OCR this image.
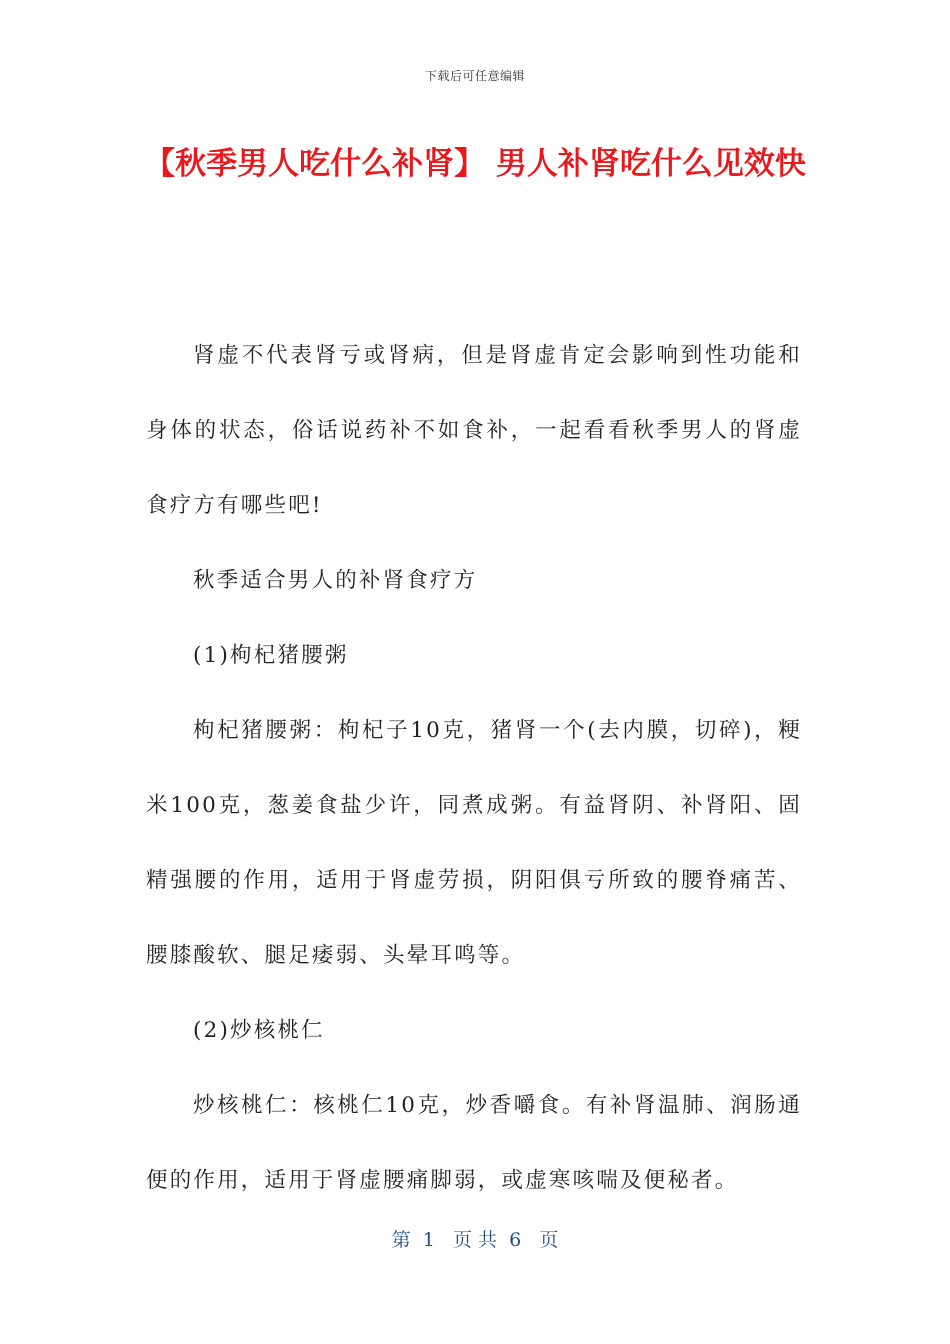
下载后可任意编辑
【秋季男人吃什么补肾】 男人补肾吃什么见效快

肾虚不代表肾亏或肾病，但是肾虚肯定会影响到性功能和身体的状态，俗话说药补不如食补，一起看看秋季男人的肾虚食疗方有哪些吧!

秋季适合男人的补肾食疗方

(1)枸杞猪腰粥

枸杞猪腰粥：枸杞子10克，猪肾一个(去内膜，切碎)，粳米100克，葱姜食盐少许，同煮成粥。有益肾阴、补肾阳、固精强腰的作用，适用于肾虚劳损，阴阳俱亏所致的腰脊痛苦、腰膝酸软、腿足痿弱、头晕耳鸣等。

(2)炒核桃仁

炒核桃仁：核桃仁10克，炒香嚼食。有补肾温肺、润肠通便的作用，适用于肾虚腰痛脚弱，或虚寒咳喘及便秘者。

第  1   页 共  6   页
